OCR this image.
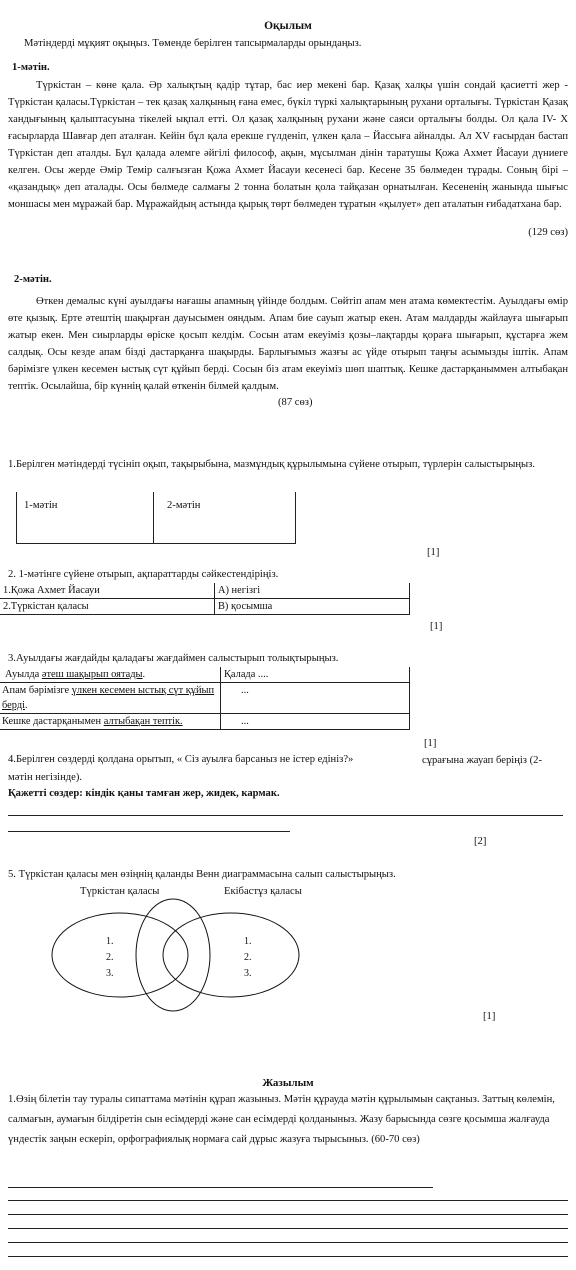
Оқылым
Мәтіндерді мұқият оқыңыз. Төменде берілген тапсырмаларды орындаңыз.
1-мәтін.
Түркістан – көне қала. Әр халықтың қадір тұтар, бас иер мекені бар. Қазақ халқы үшін сондай қасиетті жер - Түркістан қаласы.Түркістан – тек қазақ халқының ғана емес, бүкіл түркі халықтарының рухани орталығы. Түркістан Қазақ хандығының қалыптасуына тікелей ықпал етті. Ол қазақ халқының рухани және саяси орталығы болды. Ол қала IV- X ғасырларда Шавғар деп аталған. Кейін бұл қала ерекше гүлденіп, үлкен қала – Йассыға айналды. Ал XV ғасырдан бастап Түркістан деп аталды. Бұл қалада әлемге әйгілі философ, ақын, мұсылман дінін таратушы Қожа Ахмет Йасауи дүниеге келген. Осы жерде Әмір Темір салғызған Қожа Ахмет Йасауи кесенесі бар. Кесене 35 бөлмеден тұрады. Соның бірі – «қазандық» деп аталады. Осы бөлмеде салмағы 2 тонна болатын қола тайқазан орнатылған. Кесененің жанында шығыс моншасы мен мұражай бар. Мұражайдың астында қырық төрт бөлмеден тұратын «қылует» деп аталатын ғибадатхана бар.
(129 сөз)
2-мәтін.
Өткен демалыс күні ауылдағы нағашы апамның үйінде болдым. Сөйтіп апам мен атама көмектестім. Ауылдағы өмір өте қызық. Ерте әтештің шақырған дауысымен ояндым. Апам бие сауып жатыр екен. Атам малдарды жайлауға шығарып жатыр екен. Мен сиырларды өріске қосып келдім. Сосын атам екеуіміз қозы–лақтарды қораға шығарып, құстарға жем салдық. Осы кезде апам бізді дастарқанға шақырды. Барлығымыз жазғы ас үйде отырып таңғы асымызды іштік. Апам бәрімізге үлкен кесемен ыстық сүт құйып берді. Сосын біз атам екеуіміз шөп шаптық. Кешке дастарқаныммен алтыбақан тептік. Осылайша, бір күннің қалай өткенін білмей қалдым.
(87 сөз)
1.Берілген мәтіндерді түсініп оқып, тақырыбына, мазмұндық құрылымына сүйене отырып, түрлерін салыстырыңыз.
1-мәтін	2-мәтін
[1]
2. 1-мәтінге сүйене отырып, ақпараттарды сәйкестендіріңіз.
1.Қожа Ахмет Йасауи	А) негізгі
2.Түркістан қаласы	В) қосымша
[1]
3.Ауылдағы жағдайды қаладағы жағдаймен салыстырып толықтырыңыз.
Ауылда әтеш шақырып оятады.	Қалада ....
Апам бәрімізге үлкен кесемен ыстық сүт құйып берді.	...
Кешке дастарқанымен алтыбақан тептік.	...
[1]
4.Берілген сөздерді қолдана орытып, « Сіз ауылға барсаныз не істер едініз?»	сұрағына жауап беріңіз (2-мәтін негізінде).
Қажетті сөздер: кіндік қаны тамған жер, жидек, кармак.
[2]
5. Түркістан қаласы мен өзіңнің қаланды Венн диаграммасына салып салыстырыңыз.
Түркістан қаласы	Екібастұз қаласы
1.
2.
3.
1.
2.
3.
[1]
Жазылым
1.Өзің білетін тау туралы сипаттама мәтінін құрап жазыныз. Мәтін құрауда мәтін құрылымын сақтаныз. Заттың көлемін, салмағын, аумағын білдіретін сын есімдерді және сан есімдерді қолданыныз. Жазу барысында сөзге қосымша жалғауда үндестік заңын ескеріп, орфографиялық нормаға сай дұрыс жазуға тырысыныз. (60-70 сөз)
